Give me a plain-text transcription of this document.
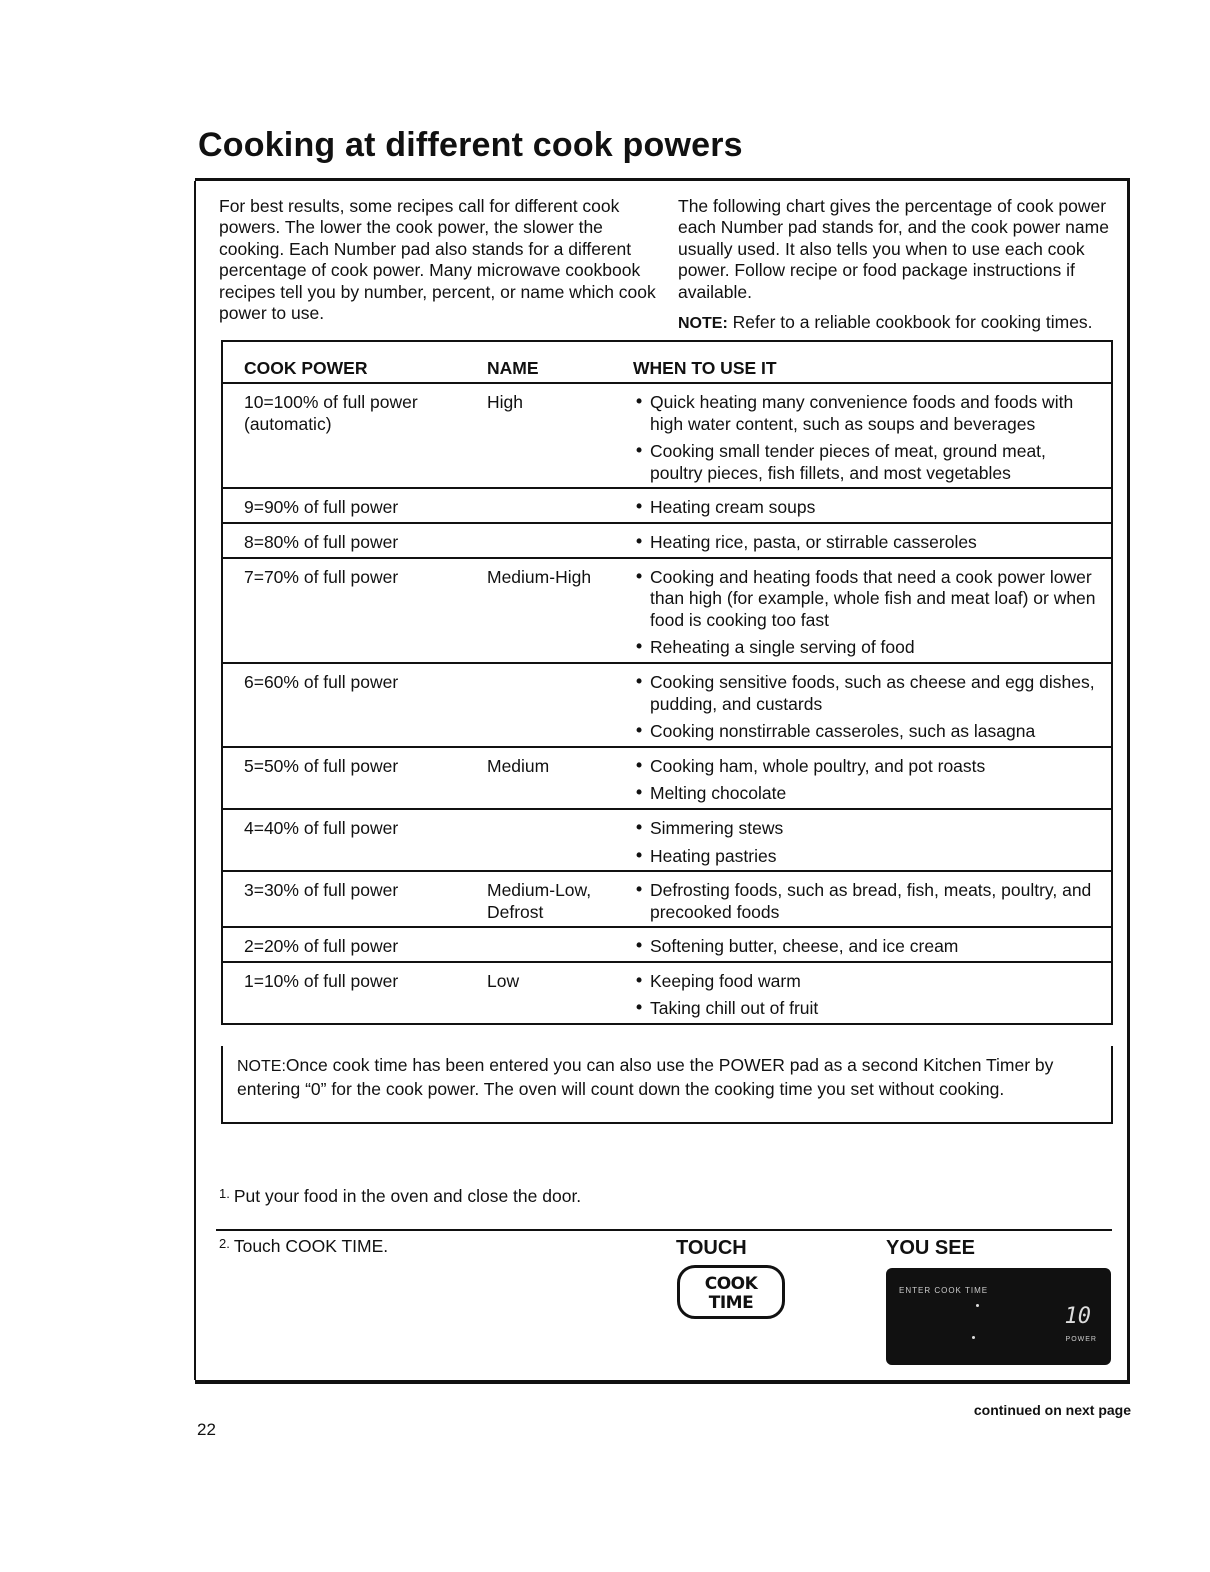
Cooking at different cook powers
For best results, some recipes call for different cook powers. The lower the cook power, the slower the cooking. Each Number pad also stands for a different percentage of cook power. Many microwave cookbook recipes tell you by number, percent, or name which cook power to use.
The following chart gives the percentage of cook power each Number pad stands for, and the cook power name usually used. It also tells you when to use each cook power. Follow recipe or food package instructions if available.
NOTE: Refer to a reliable cookbook for cooking times.
COOK POWER	NAME	WHEN TO USE IT
10=100% of full power (automatic)	High	• Quick heating many convenience foods and foods with high water content, such as soups and beverages
• Cooking small tender pieces of meat, ground meat, poultry pieces, fish fillets, and most vegetables

9=90% of full power		• Heating cream soups

8=80% of full power		• Heating rice, pasta, or stirrable casseroles

7=70% of full power	Medium-High	• Cooking and heating foods that need a cook power lower than high (for example, whole fish and meat loaf) or when food is cooking too fast
• Reheating a single serving of food

6=60% of full power		• Cooking sensitive foods, such as cheese and egg dishes, pudding, and custards
• Cooking nonstirrable casseroles, such as lasagna

5=50% of full power	Medium	• Cooking ham, whole poultry, and pot roasts
• Melting chocolate

4=40% of full power		• Simmering stews
• Heating pastries

3=30% of full power	Medium-Low, Defrost	• Defrosting foods, such as bread, fish, meats, poultry, and precooked foods

2=20% of full power		• Softening butter, cheese, and ice cream

1=10% of full power	Low	• Keeping food warm
• Taking chill out of fruit
NOTE:Once cook time has been entered you can also use the POWER pad as a second Kitchen Timer by entering “0” for the cook power. The oven will count down the cooking time you set without cooking.
$^{1.}$ Put your food in the oven and close the door.
$^{2.}$ Touch COOK TIME.	TOUCH	YOU SEE
COOK
TIME
ENTER COOK TIME
10
POWER
continued on next page
22
